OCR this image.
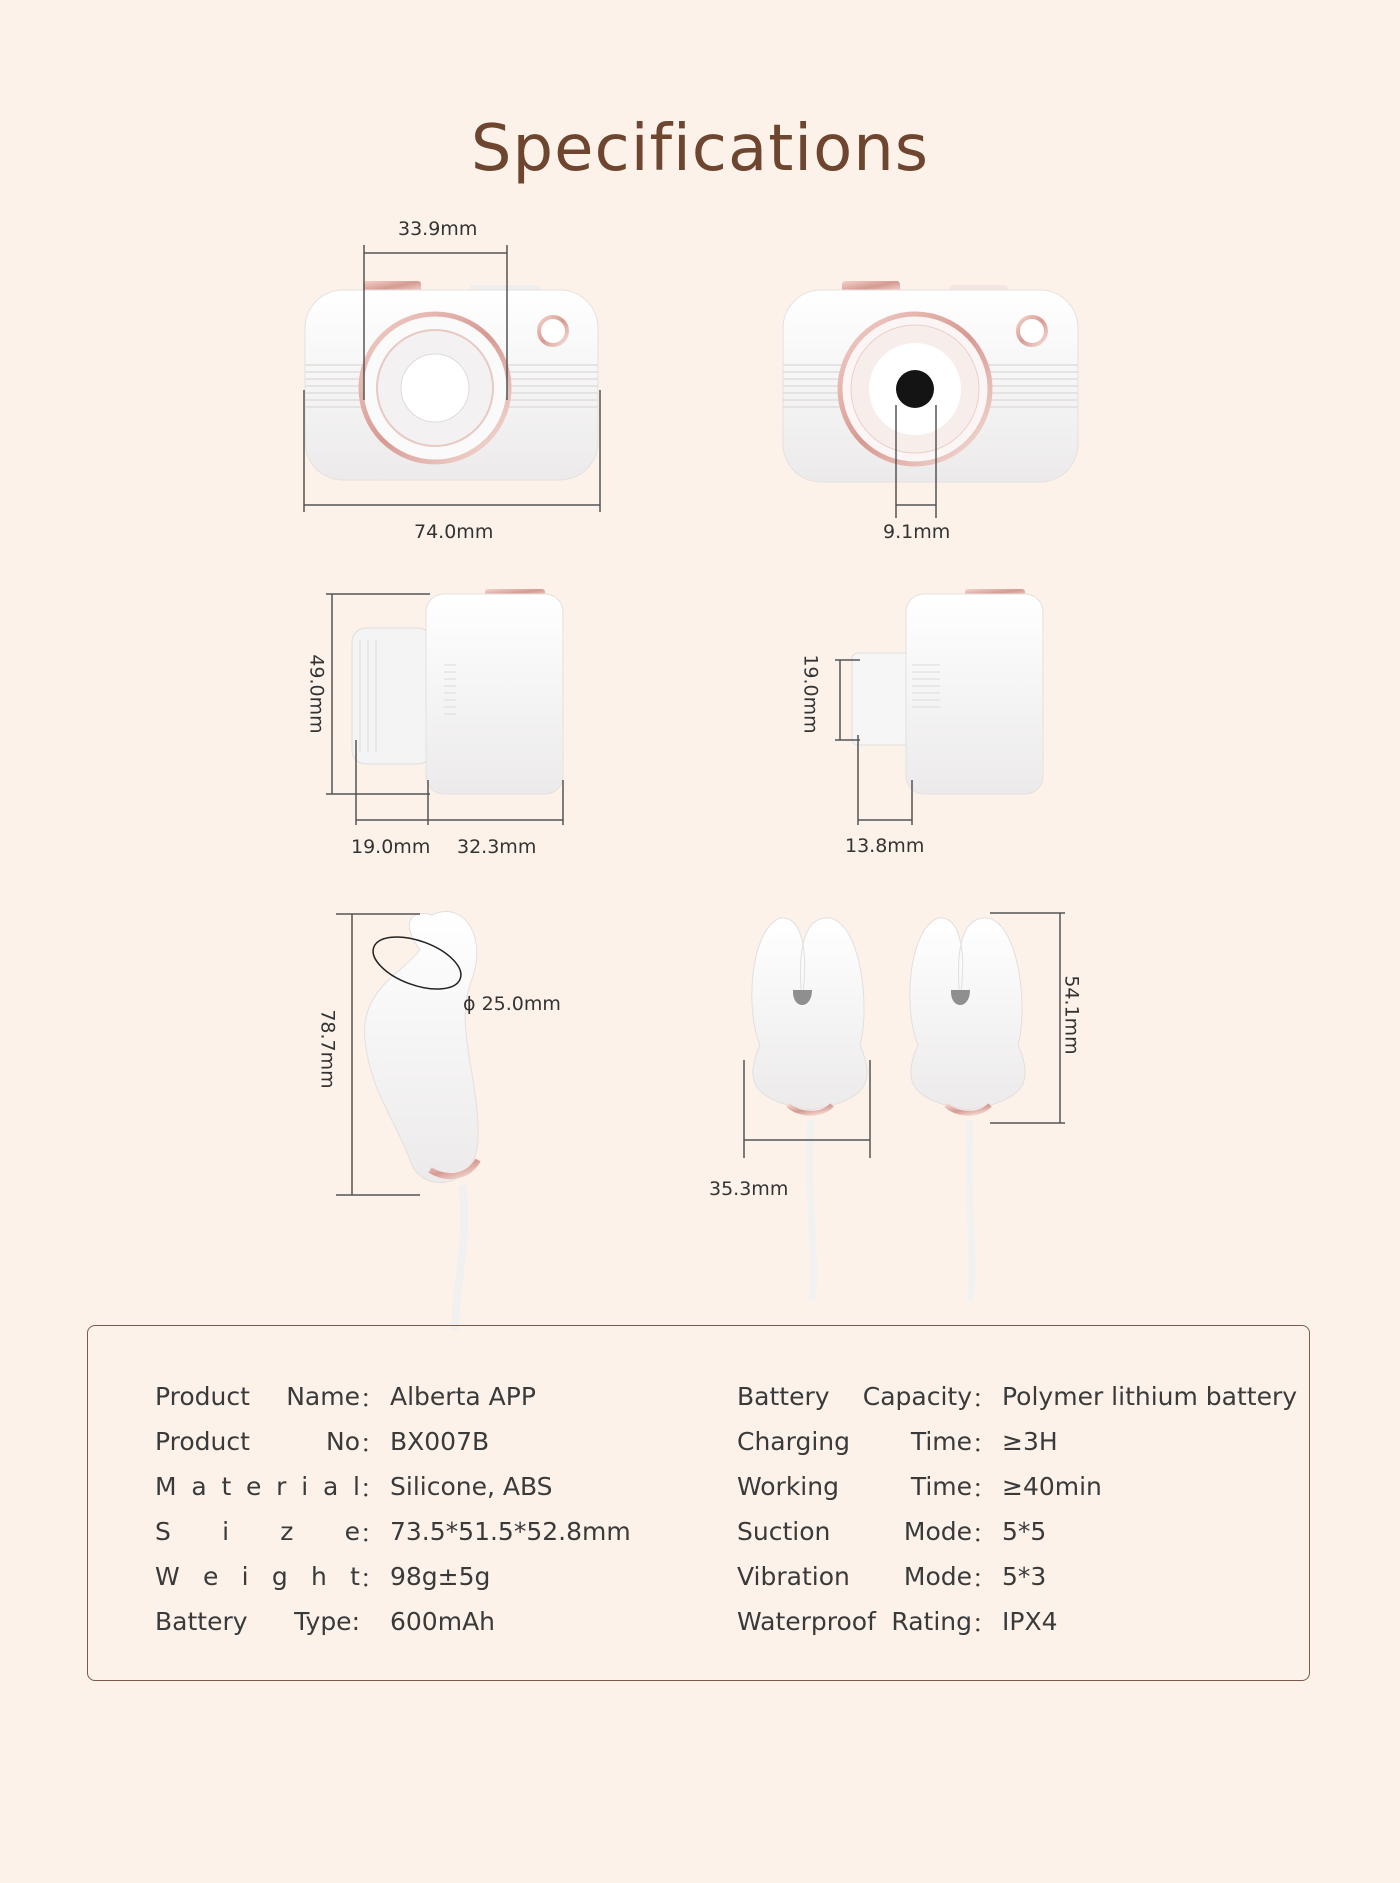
Specifications
33.9mm
74.0mm	9.1mm
49.0mm
19.0mm 32.3mm
19.0mm
13.8mm
78.7mm
ϕ 25.0mm	54.1mm
35.3mm
Product Name ： Alberta APP
Product	No ： BX007B
M a t e r i a l ： Silicone, ABS
S i z e ： 73.5*51.5*52.8mm
W e i g h t ： 98g±5g
Battery Type: 600mAh
Battery Capacity ： Polymer lithium battery
Charging Time ： ≥3H
Working	Time ： ≥40min
Suction	Mode ： 5*5
Vibration Mode ： 5*3
Waterproof Rating ： IPX4
